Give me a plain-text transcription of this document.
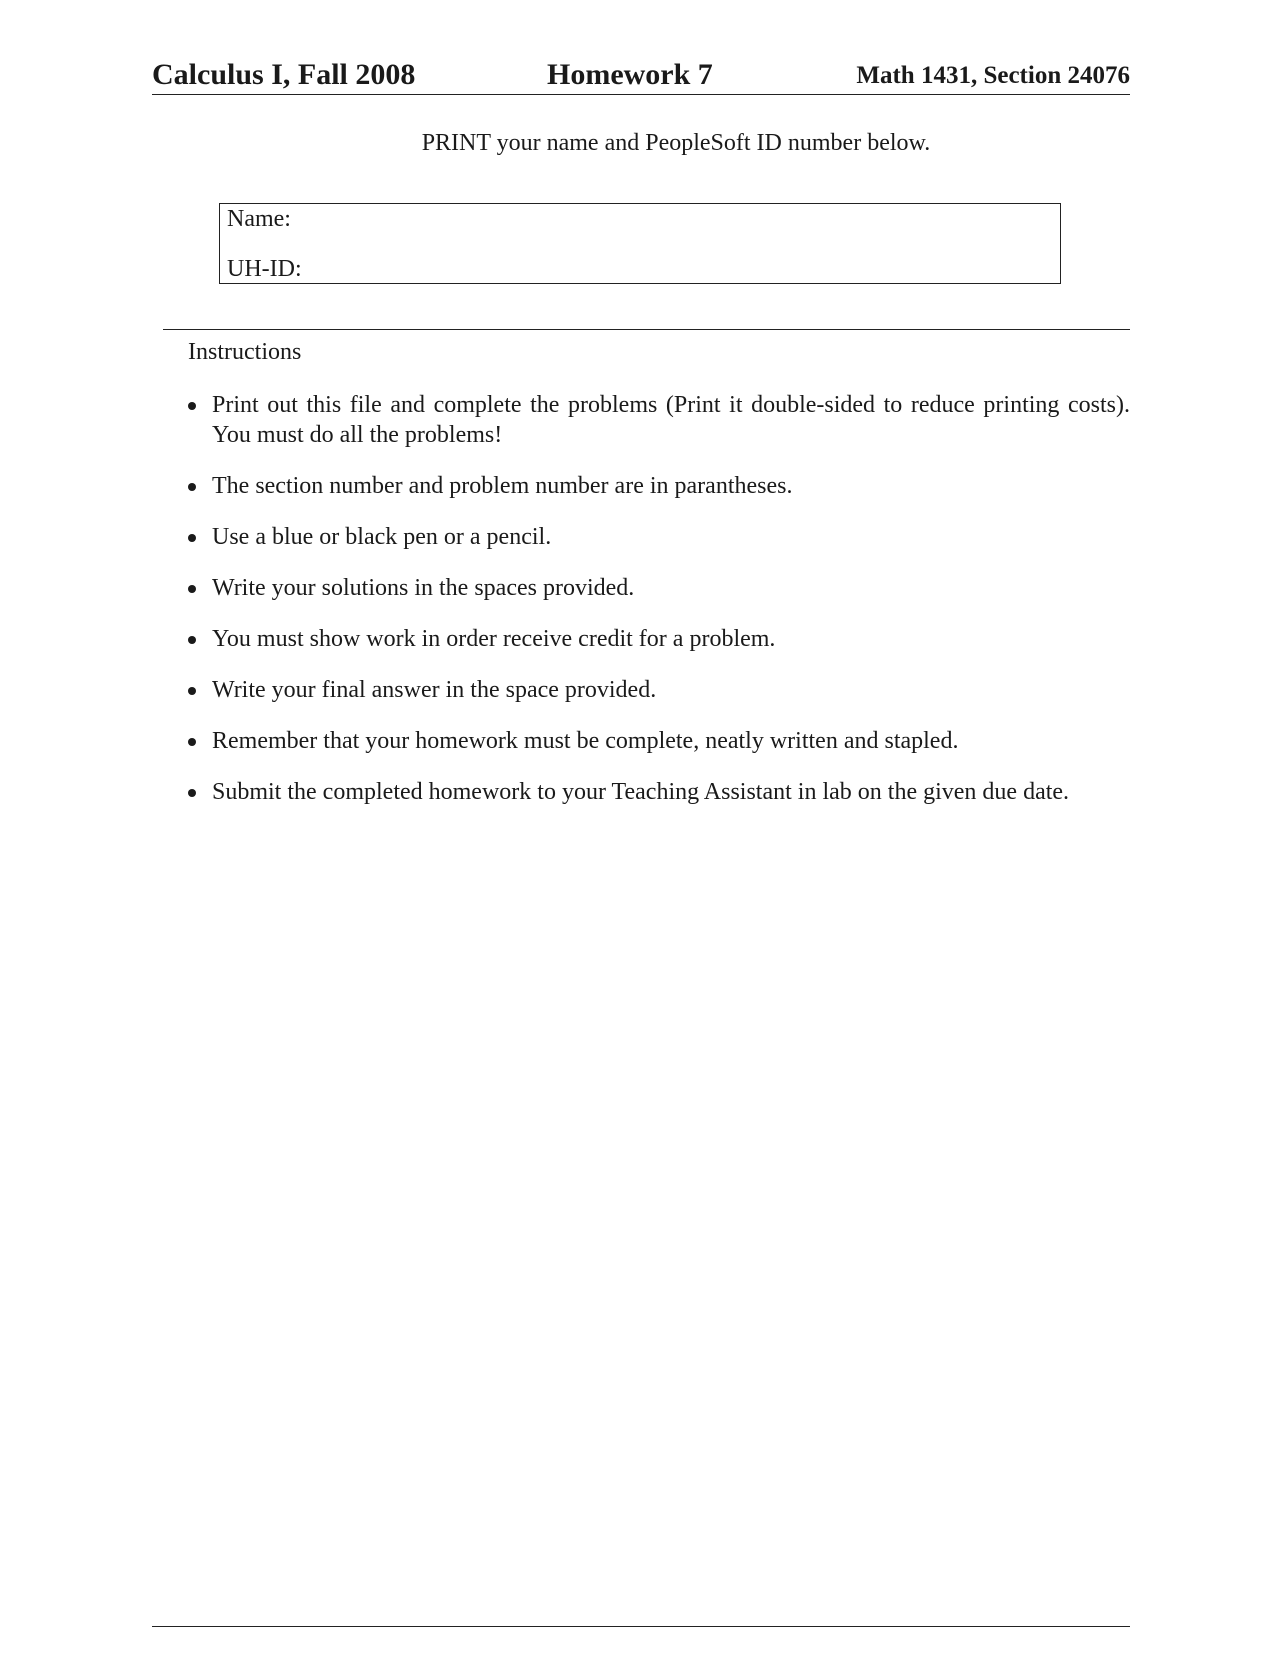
Calculus I, Fall 2008	Homework 7	Math 1431, Section 24076
PRINT your name and PeopleSoft ID number below.
Name:
UH-ID:
Instructions
Print out this file and complete the problems (Print it double-sided to reduce printing costs). You must do all the problems!
The section number and problem number are in parantheses.
Use a blue or black pen or a pencil.
Write your solutions in the spaces provided.
You must show work in order receive credit for a problem.
Write your final answer in the space provided.
Remember that your homework must be complete, neatly written and stapled.
Submit the completed homework to your Teaching Assistant in lab on the given due date.
